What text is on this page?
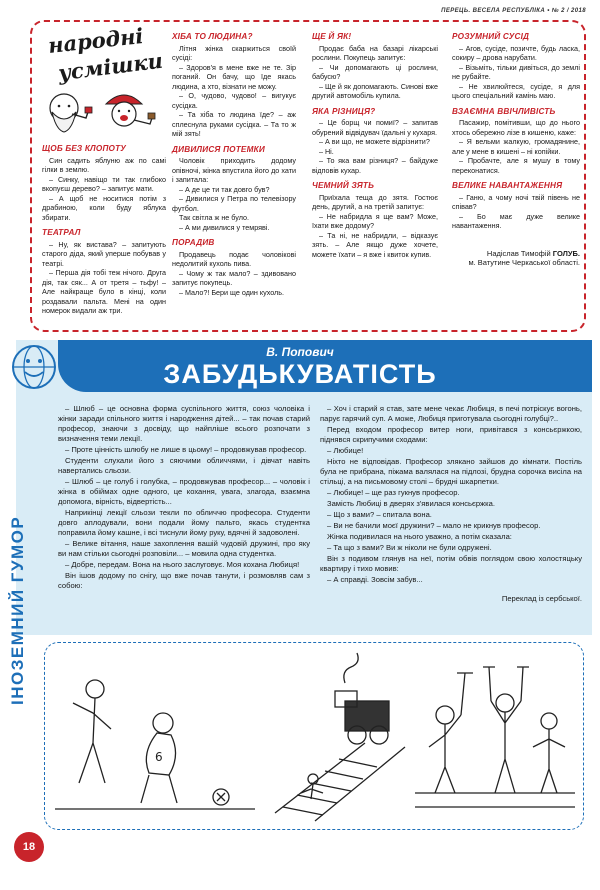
ПЕРЕЦЬ. ВЕСЕЛА РЕСПУБЛІКА • № 2 / 2018
народні
усмішки
ЩОБ БЕЗ КЛОПОТУ

Син садить яблуню аж по самі гілки в землю.

– Синку, навіщо ти так глибоко вкопуєш дерево? – запитує мати.

– А щоб не носитися потім з драбиною, коли буду яблука збирати.

ТЕАТРАЛ

– Ну, як вистава? – запитують старого діда, який уперше побував у театрі.

– Перша дія тобі теж нічого. Друга дія, так сяк... А от третя – тьфу! – Але найкраще було в кінці, коли роздавали пальта. Мені на один номерок видали аж три.

ХІБА ТО ЛЮДИНА?

Літня жінка скаржиться своїй сусіді:

– Здоров'я в мене вже не те. Зір поганий. Он бачу, що їде якась людина, а хто, візнати не можу.

– О, чудово, чудово! – вигукує сусідка.

– Та хіба то людина їде? – аж сплеснула руками сусідка. – Та то ж мій зять!

ДИВИЛИСЯ ПОТЕМКИ

Чоловік приходить додому опівночі, жінка впустила його до хати і запитала:

– А де це ти так довго був?

– Дивилися у Петра по телевізору футбол.

Так світла ж не було.

– А ми дивилися у темряві.

ПОРАДИВ

Продавець подає чоловікові недолитий кухоль пива.

– Чому ж так мало? – здивовано запитує покупець.

– Мало?! Бери ще один кухоль.

ЩЕ Й ЯК!

Продає баба на базарі лікарські рослини. Покупець запитує:

– Чи допомагають ці рослини, бабусю?

– Ще й як допомагають. Синові вже другий автомобіль купила.

ЯКА РІЗНИЦЯ?

– Це борщ чи помиї? – запитав обурений відвідувач їдальні у кухаря.

– А ви що, не можете відрізнити?

– Ні.

– То яка вам різниця? – байдуже відповів кухар.

ЧЕМНИЙ ЗЯТЬ

Приїхала теща до зятя. Гостює день, другий, а на третій запитує:

– Не набридла я ще вам? Може, їхати вже додому?

– Та ні, не набридли, – відказує зять. – Але якщо дуже хочете, можете їхати – я вже і квиток купив.

РОЗУМНИЙ СУСІД

– Агов, сусіде, позичте, будь ласка, сокиру – дрова нарубати.

– Візьміть, тільки дивіться, до землі не рубайте.

– Не хвилюйтеся, сусіде, я для цього спеціальний камінь маю.

ВЗАЄМНА ВВІЧЛИВІСТЬ

Пасажир, помітивши, що до нього хтось обережно лізе в кишеню, каже:

– Я вельми жалкую, громадянине, але у мене в кишені – ні копійки.

– Пробачте, але я мушу в тому переконатися.

ВЕЛИКЕ НАВАНТАЖЕННЯ

– Ганю, а чому ночі твій півень не співав?

– Бо має дуже велике навантаження.

Надіслав Тимофій ГОЛУБ.
м. Ватутине Черкаської області.
ІНОЗЕМНИЙ ГУМОР
В. Попович
ЗАБУДЬКУВАТІСТЬ

– Шлюб – це основна форма суспільного життя, союз чоловіка і жінки заради спільного життя і народження дітей... – так почав старий професор, знаючи з досвіду, що найпліше всього розпочати з визначення теми лекції.

– Проте цінність шлюбу не лише в цьому! – продовжував професор.

Студенти слухали його з сяючими обличчями, і дівчат навіть навертались сльози.

– Шлюб – це голуб і голубка, – продовжував професор... – чоловік і жінка в обіймах одне одного, це кохання, увага, злагода, взаємна допомога, вірність, відвертість...

Наприкінці лекції сльози текли по обличчю професора. Студенти довго аплодували, вони подали йому пальто, якась студентка поправила йому кашне, і всі тиснули йому руку, вдячні й задоволені.

– Велике вітання, наше захоплення вашій чудовій дружині, про яку ви нам стільки сьогодні розповіли... – мовила одна студентка.

– Добре, передам. Вона на нього заслуговує. Моя кохана Любиця!

Він ішов додому по снігу, що вже почав танути, і розмовляв сам з собою:

– Хоч і старий я став, зате мене чекає Любиця, в печі потріскує вогонь, парує гарячий суп. А може, Любиця приготувала сьогодні голубці?..

Перед входом професор витер ноги, привітався з консьєржкою, піднявся скрипучими сходами:

– Любице!

Ніхто не відповідав. Професор злякано зайшов до кімнати. Постіль була не прибрана, піжама валялася на підлозі, брудна сорочка висіла на стільці, а на письмовому столі – брудні шкарпетки.

– Любице! – ще раз гукнув професор.

Замість Любиці в дверях з'явилася консьєржка.

– Що з вами? – спитала вона.

– Ви не бачили моєї дружини? – мало не крикнув професор.

Жінка подивилася на нього уважно, а потім сказала:

– Та що з вами? Ви ж ніколи не були одружені.

Він з подивом глянув на неї, потім обвів поглядом свою холостяцьку квартиру і тихо мовив:

– А справді. Зовсім забув...

Переклад із сербської.
6
18
